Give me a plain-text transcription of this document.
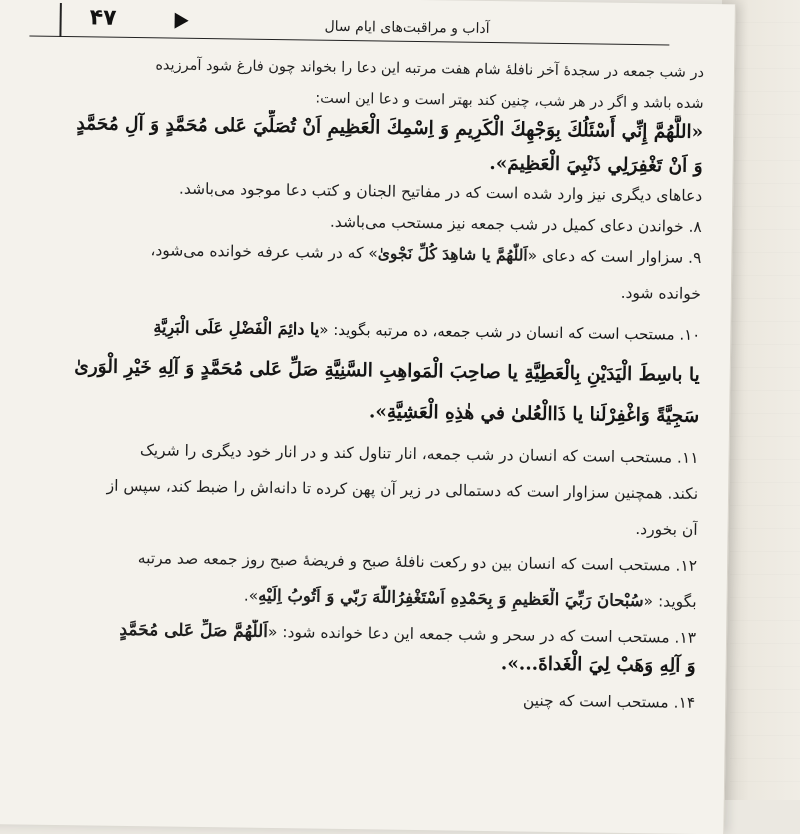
۴۷	آداب و مراقبت‌های ایام سال
در شب جمعه در سجدهٔ آخر نافلهٔ شام هفت مرتبه این دعا را بخواند چون فارغ شود آمرزیده
شده باشد و اگر در هر شب، چنین کند بهتر است و دعا این است:
«اللَّهُمَّ إِنِّي أَسْئَلُكَ بِوَجْهِكَ الْكَرِيمِ وَ اِسْمِكَ الْعَظِيمِ اَنْ تُصَلِّيَ عَلى مُحَمَّدٍ وَ آلِ مُحَمَّدٍ
وَ اَنْ تَغْفِرَلِي ذَنْبِيَ الْعَظِيمَ».
دعاهای دیگری نیز وارد شده است که در مفاتیح الجنان و کتب دعا موجود می‌باشد.
۸. خواندن دعای کمیل در شب جمعه نیز مستحب می‌باشد.
۹. سزاوار است که دعای «اَللّٰهُمَّ يا شاهِدَ كُلِّ نَجْوىٰ» که در شب عرفه خوانده می‌شود،
خوانده شود.
۱۰. مستحب است که انسان در شب جمعه، ده مرتبه بگوید: «يا دائِمَ الْفَضْلِ عَلَى الْبَرِيَّةِ
يا باسِطَ الْيَدَيْنِ بِالْعَطِيَّةِ يا صاحِبَ الْمَواهِبِ السَّنِيَّةِ صَلِّ عَلى مُحَمَّدٍ وَ آلِهِ خَيْرِ الْوَرىٰ
سَجِيَّةً وَاغْفِرْلَنا يا ذَاالْعُلىٰ في هٰذِهِ الْعَشِيَّةِ».
۱۱. مستحب است که انسان در شب جمعه، انار تناول کند و در انار خود دیگری را شریک
نکند. همچنین سزاوار است که دستمالی در زیر آن پهن کرده تا دانه‌اش را ضبط کند، سپس از
آن بخورد.
۱۲. مستحب است که انسان بین دو رکعت نافلهٔ صبح و فریضهٔ صبح روز جمعه صد مرتبه
بگوید: «سُبْحانَ رَبِّيَ الْعَظيمِ وَ بِحَمْدِهِ اَسْتَغْفِرُاللّٰهَ رَبّي وَ اَتُوبُ اِلَيْهِ».
۱۳. مستحب است که در سحر و شب جمعه این دعا خوانده شود: «اَللّٰهُمَّ صَلِّ عَلى مُحَمَّدٍ
وَ آلِهِ وَهَبْ لِيَ الْغَداةَ...».
۱۴. مستحب است که چنین
